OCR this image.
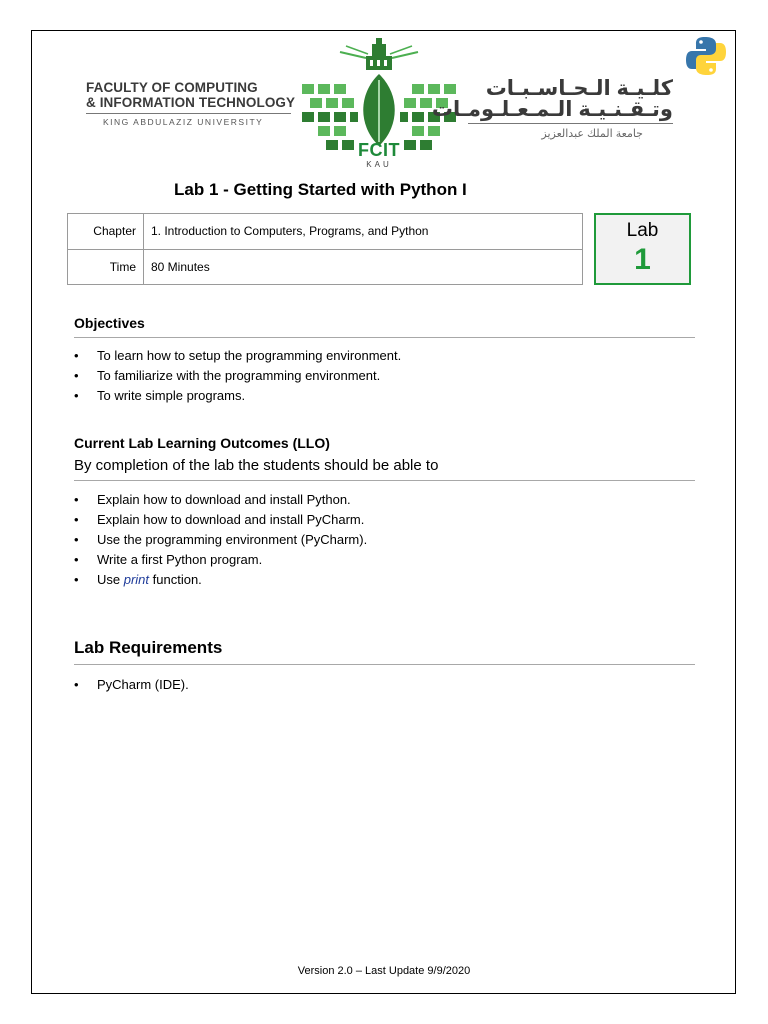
FACULTY OF COMPUTING
& INFORMATION TECHNOLOGY
KING ABDULAZIZ UNIVERSITY
FCIT
KAU
كلـيـة الـحـاسـبـات
وتـقـنـيـة الـمـعـلـومـات
جامعة الملك عبدالعزيز
Lab 1 - Getting Started with Python I
Chapter	1. Introduction to Computers, Programs, and Python
Time	80 Minutes
Lab
1
Objectives
• To learn how to setup the programming environment.
• To familiarize with the programming environment.
• To write simple programs.
Current Lab Learning Outcomes (LLO)
By completion of the lab the students should be able to
• Explain how to download and install Python.
• Explain how to download and install PyCharm.
• Use the programming environment (PyCharm).
• Write a first Python program.
• Use print function.
Lab Requirements
• PyCharm (IDE).
Version 2.0 – Last Update 9/9/2020
